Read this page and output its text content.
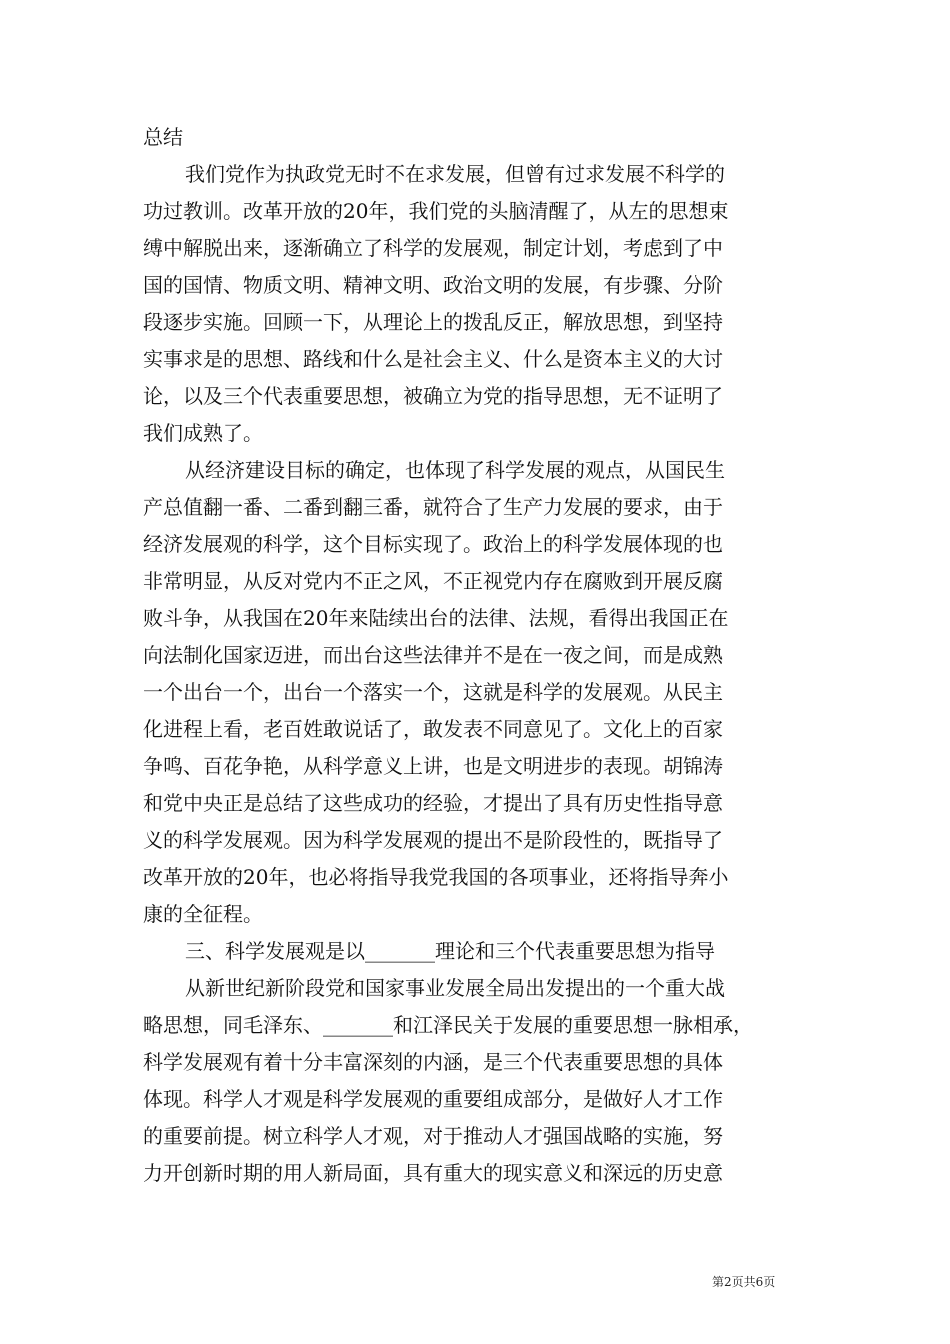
总结
我们党作为执政党无时不在求发展，但曾有过求发展不科学的
功过教训。改革开放的20年，我们党的头脑清醒了，从左的思想束
缚中解脱出来，逐渐确立了科学的发展观，制定计划，考虑到了中
国的国情、物质文明、精神文明、政治文明的发展，有步骤、分阶
段逐步实施。回顾一下，从理论上的拨乱反正，解放思想，到坚持
实事求是的思想、路线和什么是社会主义、什么是资本主义的大讨
论，以及三个代表重要思想，被确立为党的指导思想，无不证明了
我们成熟了。
从经济建设目标的确定，也体现了科学发展的观点，从国民生
产总值翻一番、二番到翻三番，就符合了生产力发展的要求，由于
经济发展观的科学，这个目标实现了。政治上的科学发展体现的也
非常明显，从反对党内不正之风，不正视党内存在腐败到开展反腐
败斗争，从我国在20年来陆续出台的法律、法规，看得出我国正在
向法制化国家迈进，而出台这些法律并不是在一夜之间，而是成熟
一个出台一个，出台一个落实一个，这就是科学的发展观。从民主
化进程上看，老百姓敢说话了，敢发表不同意见了。文化上的百家
争鸣、百花争艳，从科学意义上讲，也是文明进步的表现。胡锦涛
和党中央正是总结了这些成功的经验，才提出了具有历史性指导意
义的科学发展观。因为科学发展观的提出不是阶段性的，既指导了
改革开放的20年，也必将指导我党我国的各项事业，还将指导奔小
康的全征程。
三、科学发展观是以_______理论和三个代表重要思想为指导
从新世纪新阶段党和国家事业发展全局出发提出的一个重大战
略思想，同毛泽东、_______和江泽民关于发展的重要思想一脉相承，
科学发展观有着十分丰富深刻的内涵，是三个代表重要思想的具体
体现。科学人才观是科学发展观的重要组成部分，是做好人才工作
的重要前提。树立科学人才观，对于推动人才强国战略的实施，努
力开创新时期的用人新局面，具有重大的现实意义和深远的历史意
第2页共6页
